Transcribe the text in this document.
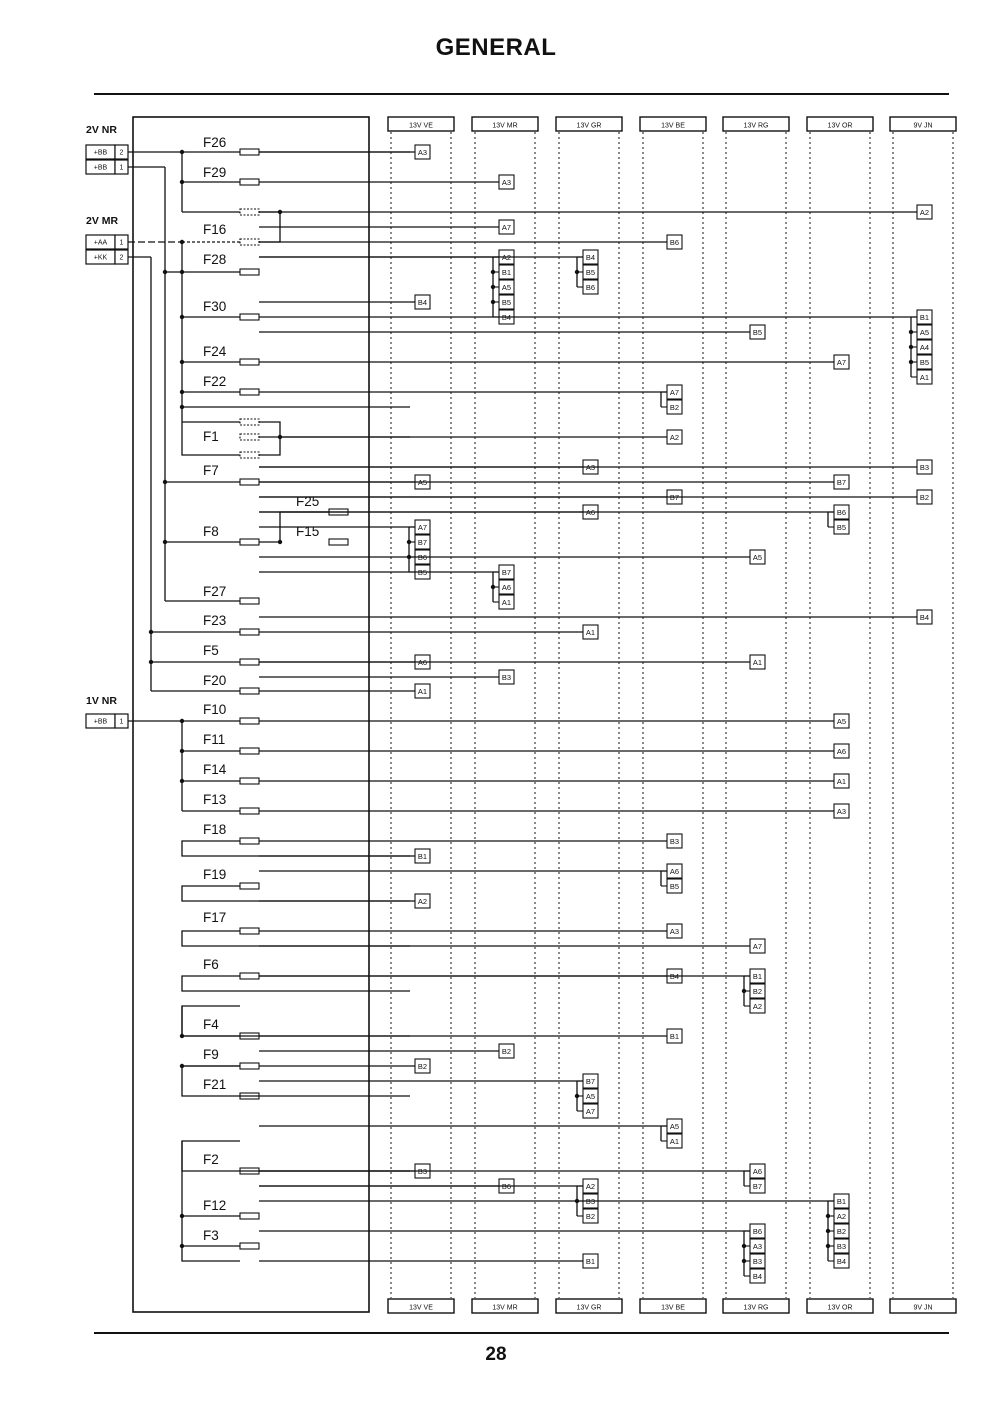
GENERAL
13V VE
13V VE
13V MR
13V MR
13V GR
13V GR
13V BE
13V BE
13V RG
13V RG
13V OR
13V OR
9V JN
9V JN
2V NR
+BB 2
+BB 1
2V MR
+AA 1
+KK 2
1V NR
+BB 1
F26
F29
F16
F28
F30
F24
F22
F1
F7
F25
F8	F15
F27
F23
F5
F20
F10
F11
F14
F13
F18
F19
F17
F6
F4
F9
F21
F2
F12
F3
A3
A3
A2
A7
B6
A2
B1
A5
B5
B4
B4
B5
B6
B4
B1
A5
A4
B5
A1
B5
A7
A7
B2
A2
A3	B3
A5	B7
B7	B2
A6	B6
B5
A7
B7
B6
B5
A5
B7
A6
A1
B4
A1
A6	A1
B3
A1
A5
A6
A1
A3
B3
B1
A6
B5
A2
A3
A7
B4	B1
B2
A2
B1
B2
B2
B7
A5
A7
A5
A1
B3
B6	A2
B3
B2
A6
B7
B1
A2
B2
B3
B4
B6
A3
B3
B4
B1
28
